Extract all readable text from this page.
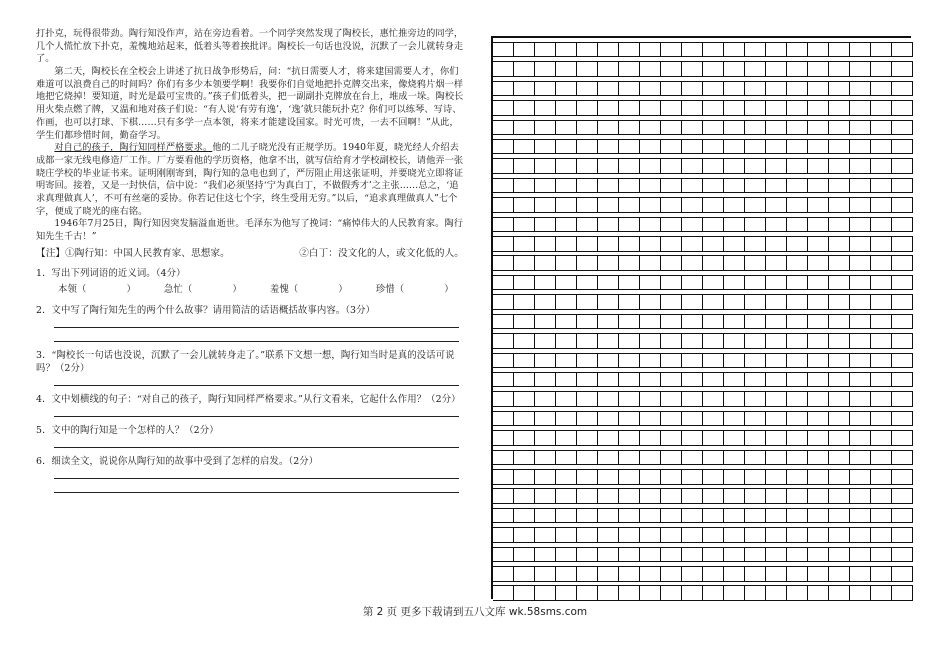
打扑克，玩得很带劲。陶行知没作声，站在旁边看着。一个同学突然发现了陶校长，惠忙推旁边的同学，几个人慌忙放下扑克，羞愧地站起来，低着头等着挨批评。陶校长一句话也没说，沉默了一会儿就转身走了。

第二天，陶校长在全校会上讲述了抗日战争形势后，问：“抗日需要人才，将来建国需要人才，你们难道可以浪费自己的时间吗？你们有多少本领要学啊！我要你们自觉地把扑克牌交出来，像烧鸦片烟一样地把它烧掉！要知道，时光是最可宝贵的。”孩子们低着头，把一副副扑克牌放在台上，堆成一垛。陶校长用火柴点燃了牌，又温和地对孩子们说：“有人说‘有劳有逸’，‘逸’就只能玩扑克？你们可以练琴、写诗、作画，也可以打球、下棋……只有多学一点本领，将来才能建设国家。时光可贵，一去不回啊！”从此，学生们都珍惜时间，勤奋学习。

对自己的孩子，陶行知同样严格要求。他的二儿子晓光没有正规学历。1940年夏，晓光经人介绍去成都一家无线电修造厂工作。厂方要看他的学历资格，他拿不出，就写信给育才学校副校长，请他弄一张晓庄学校的毕业证书来。证明刚刚寄到，陶行知的急电也到了，严厉阻止用这张证明，并要晓光立即将证明寄回。接着，又是一封快信，信中说：“我们必须坚持‘宁为真白丁，不做假秀才’之主张……总之，‘追求真理做真人’，不可有丝毫的妥协。你若记住这七个字，终生受用无穷。”以后，“追求真理做真人”七个字，便成了晓光的座右铭。

1946年7月25日，陶行知因突发脑溢血逝世。毛泽东为他写了挽词：“痛悼伟大的人民教育家。陶行知先生千古！”

【注】①陶行知：中国人民教育家、思想家。	②白丁：没文化的人，或文化低的人。

1．写出下列词语的近义词。（4分）

本领（	）	急忙（	）	羞愧（	）	珍惜（	）

2．文中写了陶行知先生的两个什么故事？请用简洁的话语概括故事内容。（3分）

3．“陶校长一句话也没说，沉默了一会儿就转身走了。”联系下文想一想，陶行知当时是真的没话可说吗？（2分）

4．文中划横线的句子：“对自己的孩子，陶行知同样严格要求。”从行文看来，它起什么作用？（2分）

5．文中的陶行知是一个怎样的人？（2分）

6．细读全文，说说你从陶行知的故事中受到了怎样的启发。（2分）

第 2 页 更多下载请到五八文库 wk.58sms.com
